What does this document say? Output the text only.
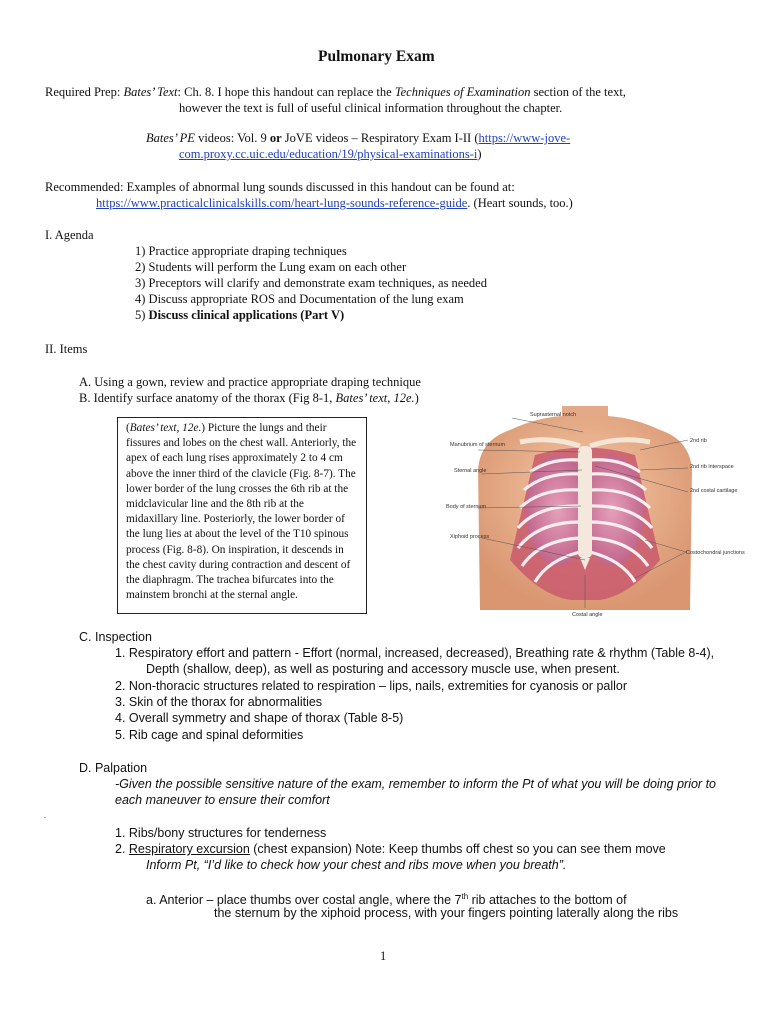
Pulmonary Exam
Required Prep: Bates’ Text: Ch. 8. I hope this handout can replace the Techniques of Examination section of the text,
however the text is full of useful clinical information throughout the chapter.
Bates’ PE videos: Vol. 9 or JoVE videos – Respiratory Exam I-II (https://www-jove-
com.proxy.cc.uic.edu/education/19/physical-examinations-i)
Recommended: Examples of abnormal lung sounds discussed in this handout can be found at:
https://www.practicalclinicalskills.com/heart-lung-sounds-reference-guide. (Heart sounds, too.)
I. Agenda
1) Practice appropriate draping techniques
2) Students will perform the Lung exam on each other
3) Preceptors will clarify and demonstrate exam techniques, as needed
4) Discuss appropriate ROS and Documentation of the lung exam
5) Discuss clinical applications (Part V)
II. Items
A. Using a gown, review and practice appropriate draping technique
B. Identify surface anatomy of the thorax (Fig 8-1, Bates’ text, 12e.)
(Bates’ text, 12e.) Picture the lungs and their fissures and lobes on the chest wall. Anteriorly, the apex of each lung rises approximately 2 to 4 cm above the inner third of the clavicle (Fig. 8-7). The lower border of the lung crosses the 6th rib at the midclavicular line and the 8th rib at the midaxillary line. Posteriorly, the lower border of the lung lies at about the level of the T10 spinous process (Fig. 8-8). On inspiration, it descends in the chest cavity during contraction and descent of the diaphragm. The trachea bifurcates into the mainstem bronchi at the sternal angle.
Suprasternal notch
Manubrium of sternum
Sternal angle
Body of sternum
Xiphoid process
2nd rib
2nd rib interspace
2nd costal cartilage
Costochondral junctions
Costal angle
C. Inspection
1. Respiratory effort and pattern - Effort (normal, increased, decreased), Breathing rate & rhythm (Table 8-4),
Depth (shallow, deep), as well as posturing and accessory muscle use, when present.
2. Non-thoracic structures related to respiration – lips, nails, extremities for cyanosis or pallor
3. Skin of the thorax for abnormalities
4. Overall symmetry and shape of thorax (Table 8-5)
5. Rib cage and spinal deformities
D. Palpation
-Given the possible sensitive nature of the exam, remember to inform the Pt of what you will be doing prior to
each maneuver to ensure their comfort
.
1. Ribs/bony structures for tenderness
2. Respiratory excursion (chest expansion) Note: Keep thumbs off chest so you can see them move
Inform Pt, “I’d like to check how your chest and ribs move when you breath”.
a. Anterior – place thumbs over costal angle, where the 7th rib attaches to the bottom of
the sternum by the xiphoid process, with your fingers pointing laterally along the ribs
1
